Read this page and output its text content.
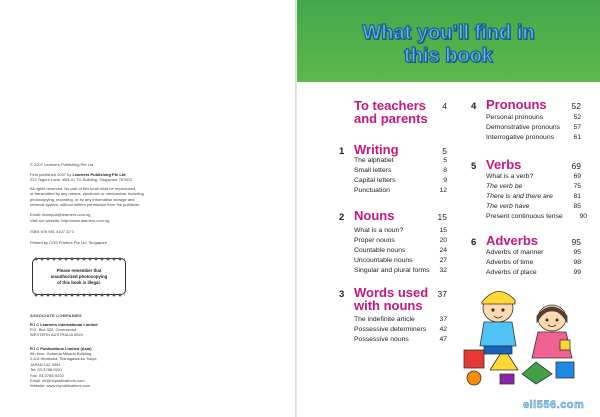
© 2007 Learners Publishing Pte Ltd
First published 2007 by Learners Publishing Pte Ltd
222 Tagore Lane, #B3-01 TG Building, Singapore 787603
All rights reserved. No part of this book shall be reproduced,
or transmitted by any means, electronic or mechanical, including
photocopying, recording, or by any information storage and
retrieval system, without written permission from the publisher.
Email: learnpub@learners.com.sg
Visit our website: http://www.learners.com.sg
ISBN 978 981 4107 22 0
Printed by COS Printers Pte Ltd, Singapore
Please remember that
unauthorized photocopying
of this book is illegal.
ASSOCIATE COMPANIES
R I C Learners International Limited
P.O. Box 332, Greenwood
WESTERN AUSTRALIA 6924
R I C Publications Limited (Asia)
5th floor, Gotanda Mikado Building
2-5-8 Hiratsuka, Shinagawa-ku Tokyo,
JAPAN 142-0051
Tel: 03-3788-9201
Fax: 03-3788-9202
Email: elt@ricpublications.com
Website: www.ricpublications.com
What you’ll find in
this book
To teachers
and parents
4
1 Writing	5
The alphabet	5
Small letters	8
Capital letters	9
Punctuation	12
2 Nouns	15
What is a noun?	15
Proper nouns	20
Countable nouns	24
Uncountable nouns	27
Singular and plural forms	32
3 Words used
with nouns
37
The indefinite article	37
Possessive determiners	42
Possessive nouns	47
4 Pronouns	52
Personal pronouns	52
Demonstrative pronouns	57
Interrogative pronouns	61
5 Verbs	69
What is a verb?	69
The verb be	75
There is and there are	81
The verb have	85
Present continuous tense	90
6 Adverbs	95
Adverbs of manner	95
Adverbs of time	98
Adverbs of place	99
eli556.com
